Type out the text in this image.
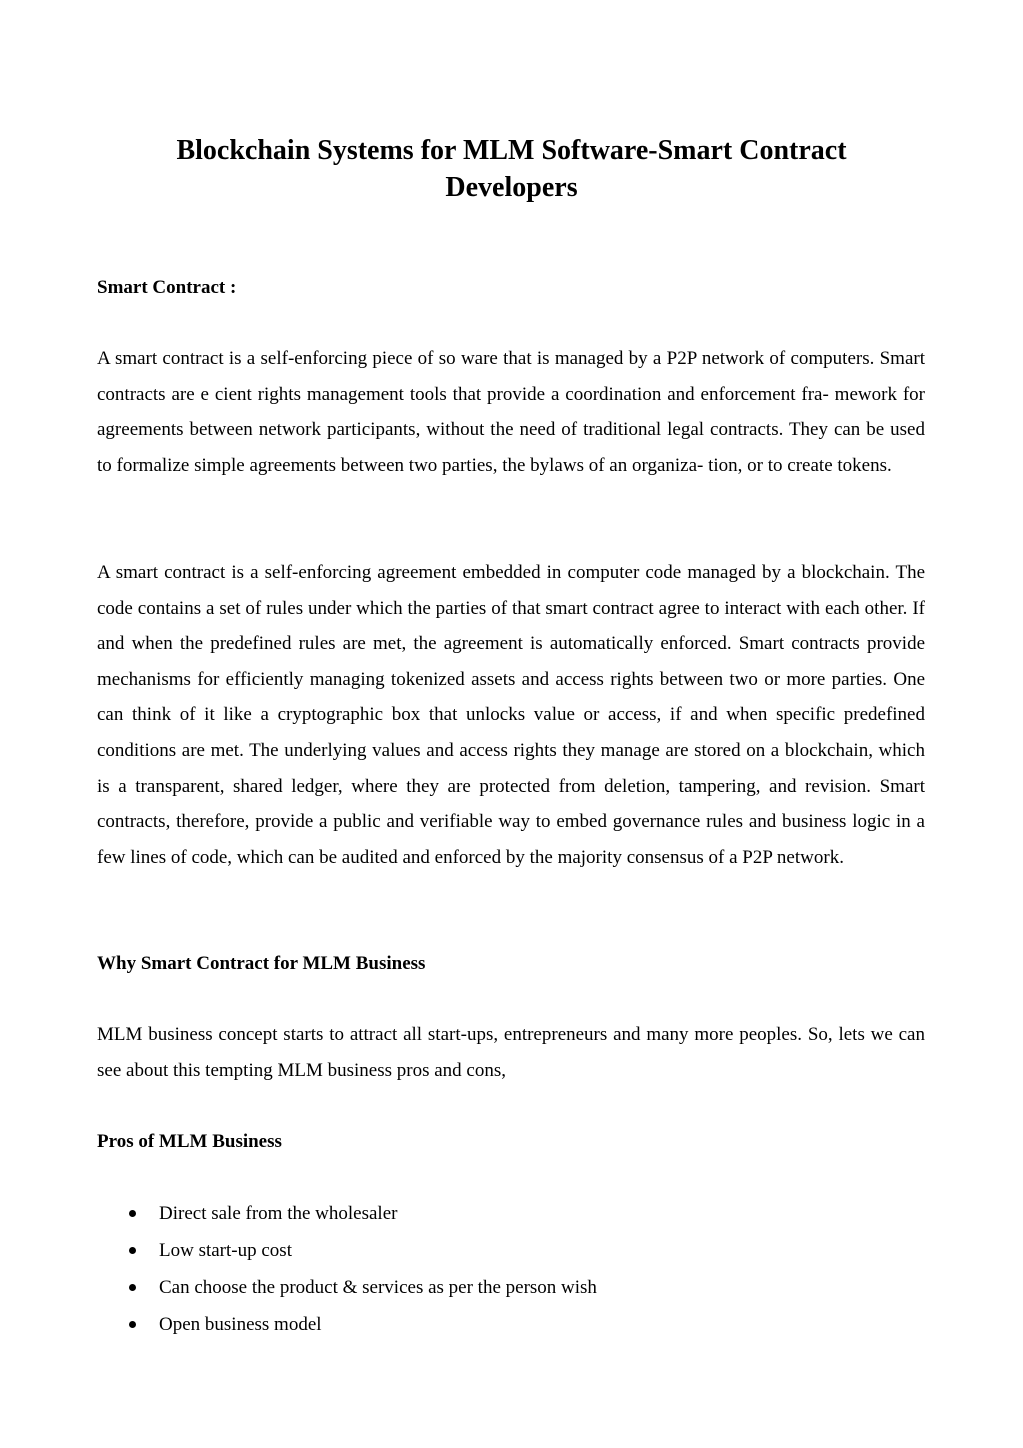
Blockchain Systems for MLM Software-Smart Contract Developers
Smart Contract :

A smart contract is a self-enforcing piece of so ware that is managed by a P2P network of computers. Smart contracts are e cient rights management tools that provide a coordination and enforcement fra- mework for agreements between network participants, without the need of traditional legal contracts. They can be used to formalize simple agreements between two parties, the bylaws of an organiza- tion, or to create tokens.

A smart contract is a self-enforcing agreement embedded in computer code managed by a blockchain. The code contains a set of rules under which the parties of that smart contract agree to interact with each other. If and when the predefined rules are met, the agreement is automatically enforced. Smart contracts provide mechanisms for efficiently managing tokenized assets and access rights between two or more parties. One can think of it like a cryptographic box that unlocks value or access, if and when specific predefined conditions are met. The underlying values and access rights they manage are stored on a blockchain, which is a transparent, shared ledger, where they are protected from deletion, tampering, and revision. Smart contracts, therefore, provide a public and verifiable way to embed governance rules and business logic in a few lines of code, which can be audited and enforced by the majority consensus of a P2P network.

Why Smart Contract for MLM Business

MLM business concept starts to attract all start-ups, entrepreneurs and many more peoples. So, lets we can see about this tempting MLM business pros and cons,

Pros of MLM Business
Direct sale from the wholesaler
Low start-up cost
Can choose the product & services as per the person wish
Open business model
